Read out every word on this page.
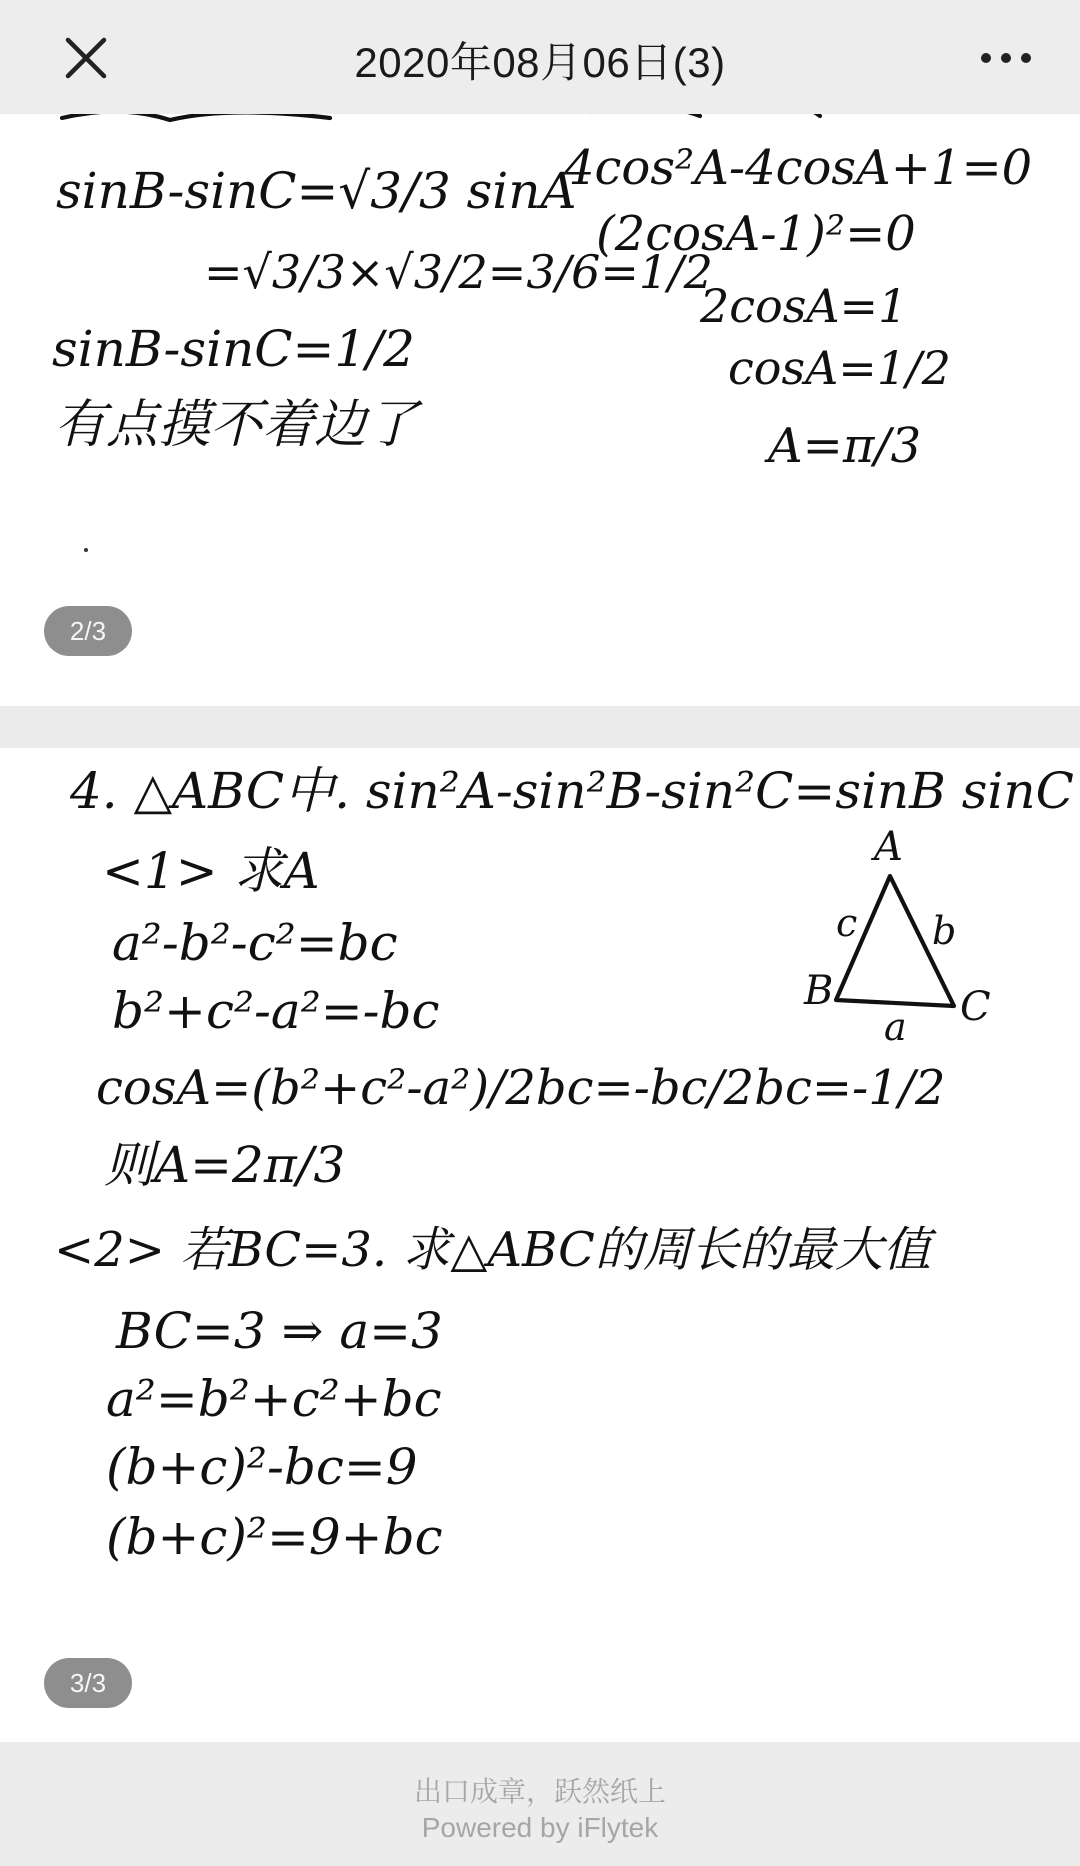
2020年08月06日(3)
sinB-sinC=√3/3 sinA
=√3/3×√3/2=3/6=1/2
sinB-sinC=1/2
有点摸不着边了
4cos²A-4cosA+1=0
(2cosA-1)²=0
2cosA=1
cosA=1/2
A=π/3
2/3
4. △ABC中. sin²A-sin²B-sin²C=sinB sinC
<1> 求A
a²-b²-c²=bc
b²+c²-a²=-bc
cosA=(b²+c²-a²)/2bc=-bc/2bc=-1/2
则A=2π/3
A
B	C
c b
a
<2> 若BC=3. 求△ABC的周长的最大值
BC=3 ⇒ a=3
a²=b²+c²+bc
(b+c)²-bc=9
(b+c)²=9+bc
3/3
出口成章，跃然纸上
Powered by iFlytek
